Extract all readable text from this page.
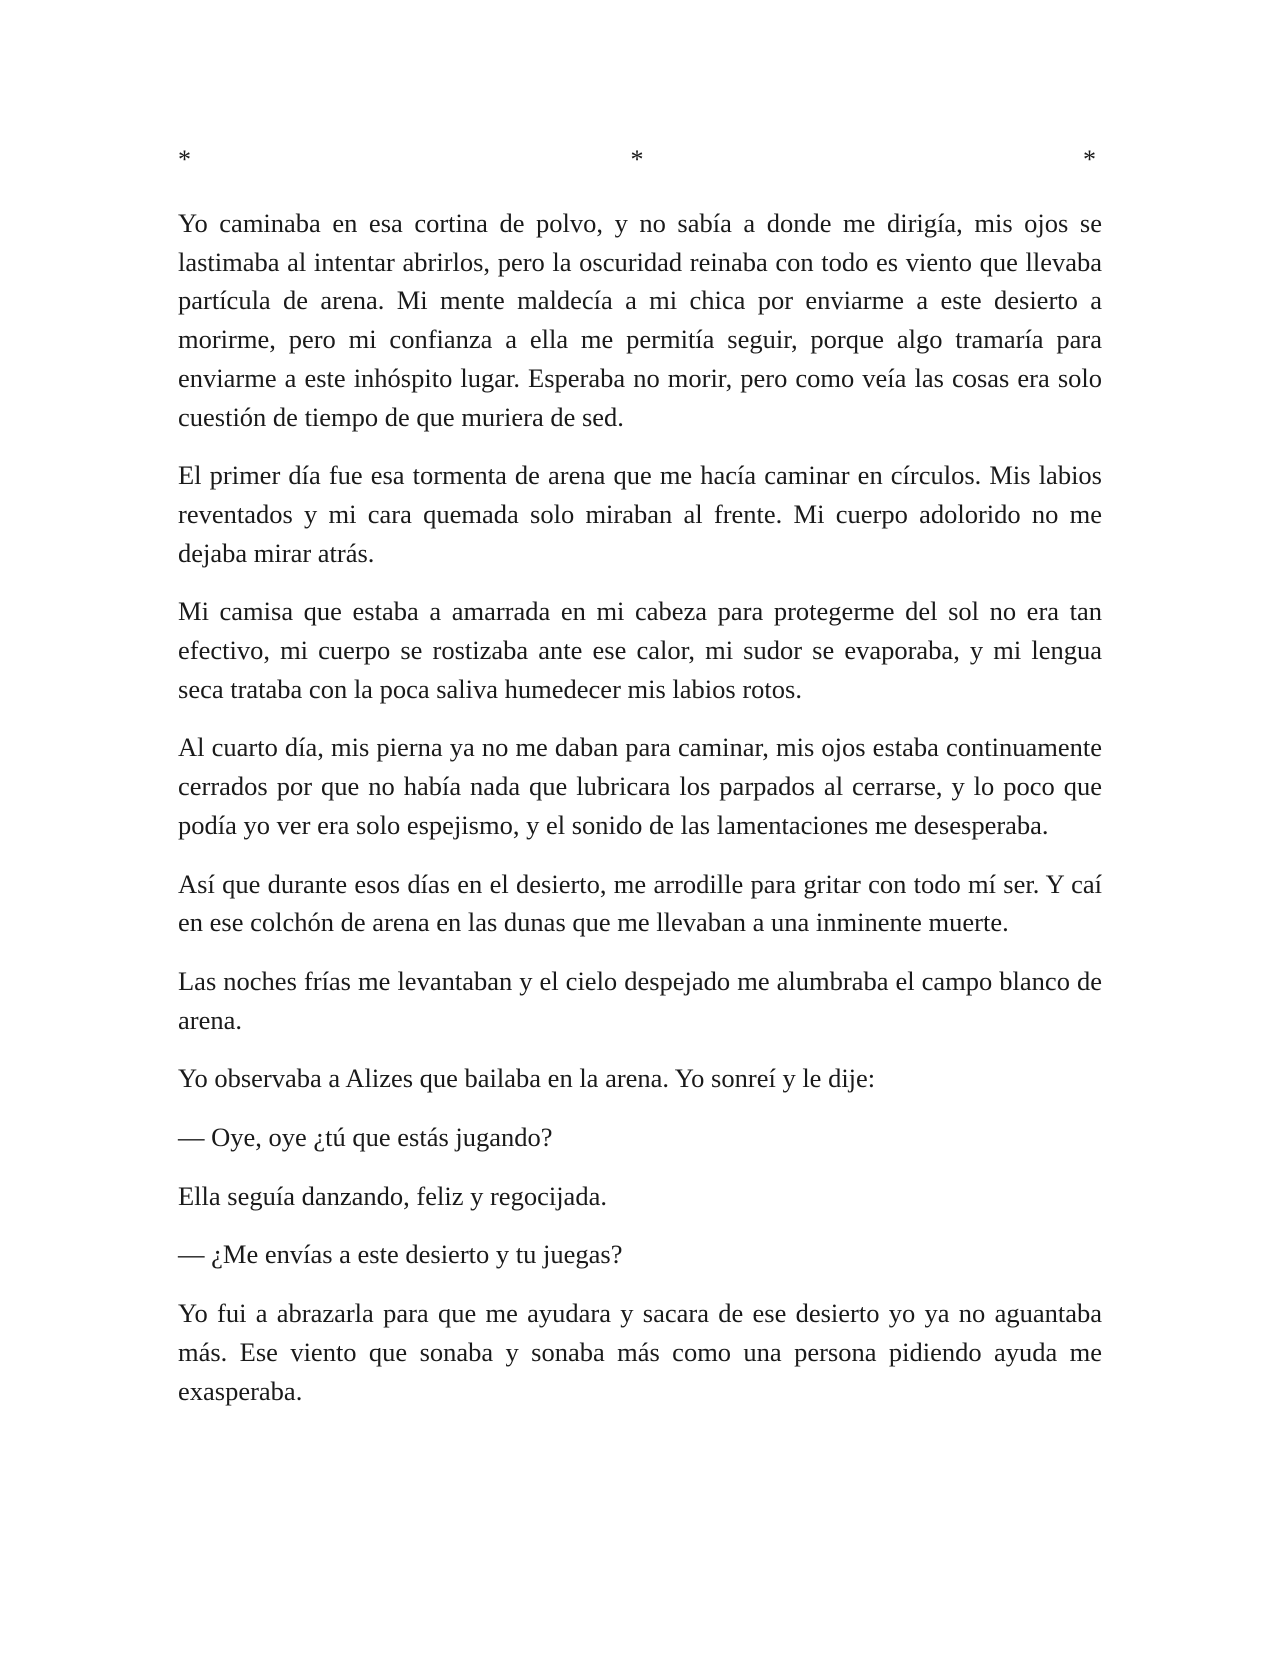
*	*	*

Yo caminaba en esa cortina de polvo, y no sabía a donde me dirigía, mis ojos se lastimaba al intentar abrirlos, pero la oscuridad reinaba con todo es viento que llevaba partícula de arena. Mi mente maldecía a mi chica por enviarme a este desierto a morirme, pero mi confianza a ella me permitía seguir, porque algo tramaría para enviarme a este inhóspito lugar. Esperaba no morir, pero como veía las cosas era solo cuestión de tiempo de que muriera de sed.

El primer día fue esa tormenta de arena que me hacía caminar en círculos. Mis labios reventados y mi cara quemada solo miraban al frente. Mi cuerpo adolorido no me dejaba mirar atrás.

Mi camisa que estaba a amarrada en mi cabeza para protegerme del sol no era tan efectivo, mi cuerpo se rostizaba ante ese calor, mi sudor se evaporaba, y mi lengua seca trataba con la poca saliva humedecer mis labios rotos.

Al cuarto día, mis pierna ya no me daban para caminar, mis ojos estaba continuamente cerrados por que no había nada que lubricara los parpados al cerrarse, y lo poco que podía yo ver era solo espejismo, y el sonido de las lamentaciones me desesperaba.

Así que durante esos días en el desierto, me arrodille para gritar con todo mí ser. Y caí en ese colchón de arena en las dunas que me llevaban a una inminente muerte.

Las noches frías me levantaban y el cielo despejado me alumbraba el campo blanco de arena.

Yo observaba a Alizes que bailaba en la arena. Yo sonreí y le dije:

— Oye, oye ¿tú que estás jugando?

Ella seguía danzando, feliz y regocijada.

— ¿Me envías a este desierto y tu juegas?

Yo fui a abrazarla para que me ayudara y sacara de ese desierto yo ya no aguantaba más. Ese viento que sonaba y sonaba más como una persona pidiendo ayuda me exasperaba.
